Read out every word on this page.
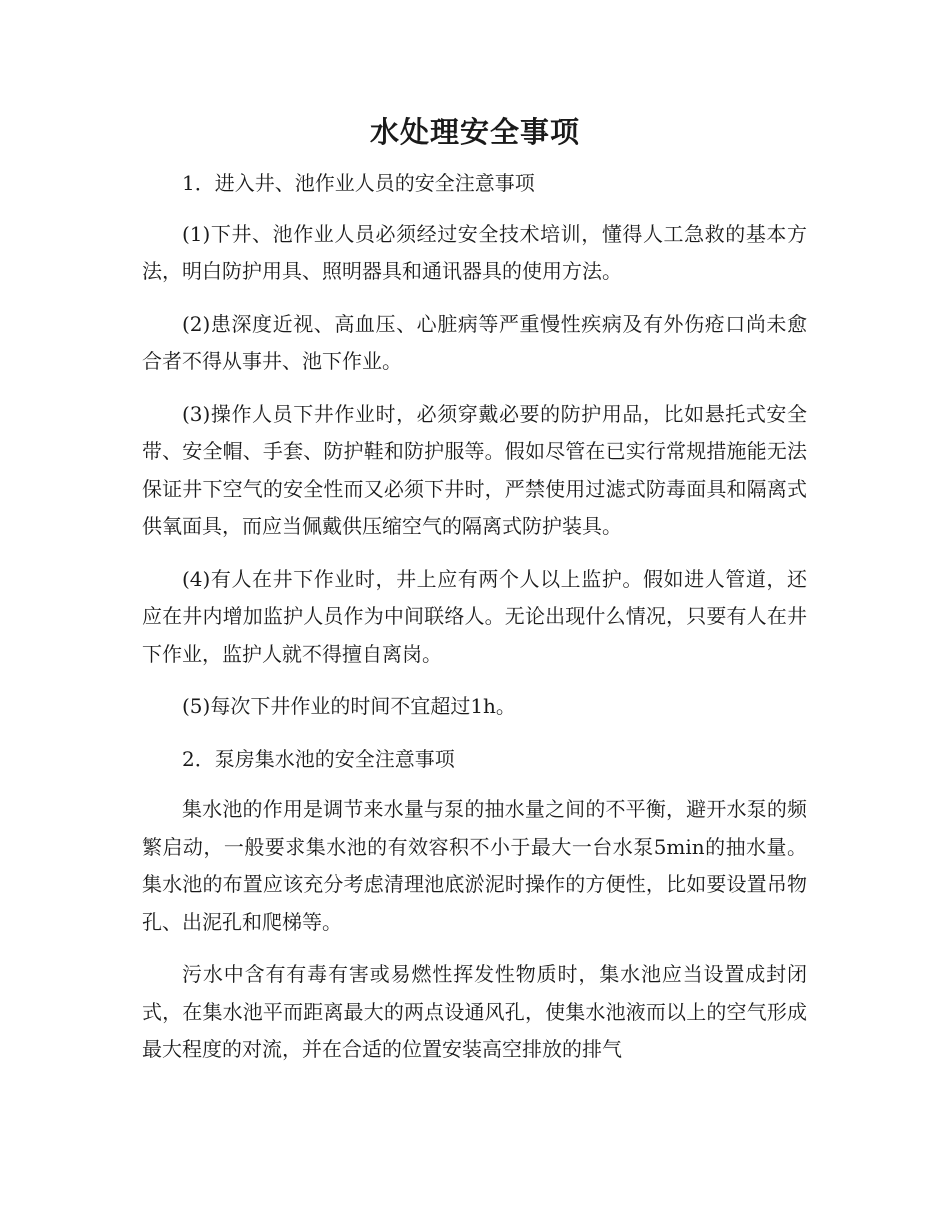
水处理安全事项

1．进入井、池作业人员的安全注意事项

(1)下井、池作业人员必须经过安全技术培训，懂得人工急救的基本方法，明白防护用具、照明器具和通讯器具的使用方法。

(2)患深度近视、高血压、心脏病等严重慢性疾病及有外伤疮口尚未愈合者不得从事井、池下作业。

(3)操作人员下井作业时，必须穿戴必要的防护用品，比如悬托式安全带、安全帽、手套、防护鞋和防护服等。假如尽管在已实行常规措施能无法保证井下空气的安全性而又必须下井时，严禁使用过滤式防毒面具和隔离式供氧面具，而应当佩戴供压缩空气的隔离式防护装具。

(4)有人在井下作业时，井上应有两个人以上监护。假如进人管道，还应在井内增加监护人员作为中间联络人。无论出现什么情况，只要有人在井下作业，监护人就不得擅自离岗。

(5)每次下井作业的时间不宜超过1h。

2．泵房集水池的安全注意事项

集水池的作用是调节来水量与泵的抽水量之间的不平衡，避开水泵的频繁启动，一般要求集水池的有效容积不小于最大一台水泵5min的抽水量。集水池的布置应该充分考虑清理池底淤泥时操作的方便性，比如要设置吊物孔、出泥孔和爬梯等。

污水中含有有毒有害或易燃性挥发性物质时，集水池应当设置成封闭式，在集水池平而距离最大的两点设通风孔，使集水池液而以上的空气形成最大程度的对流，并在合适的位置安装高空排放的排气
